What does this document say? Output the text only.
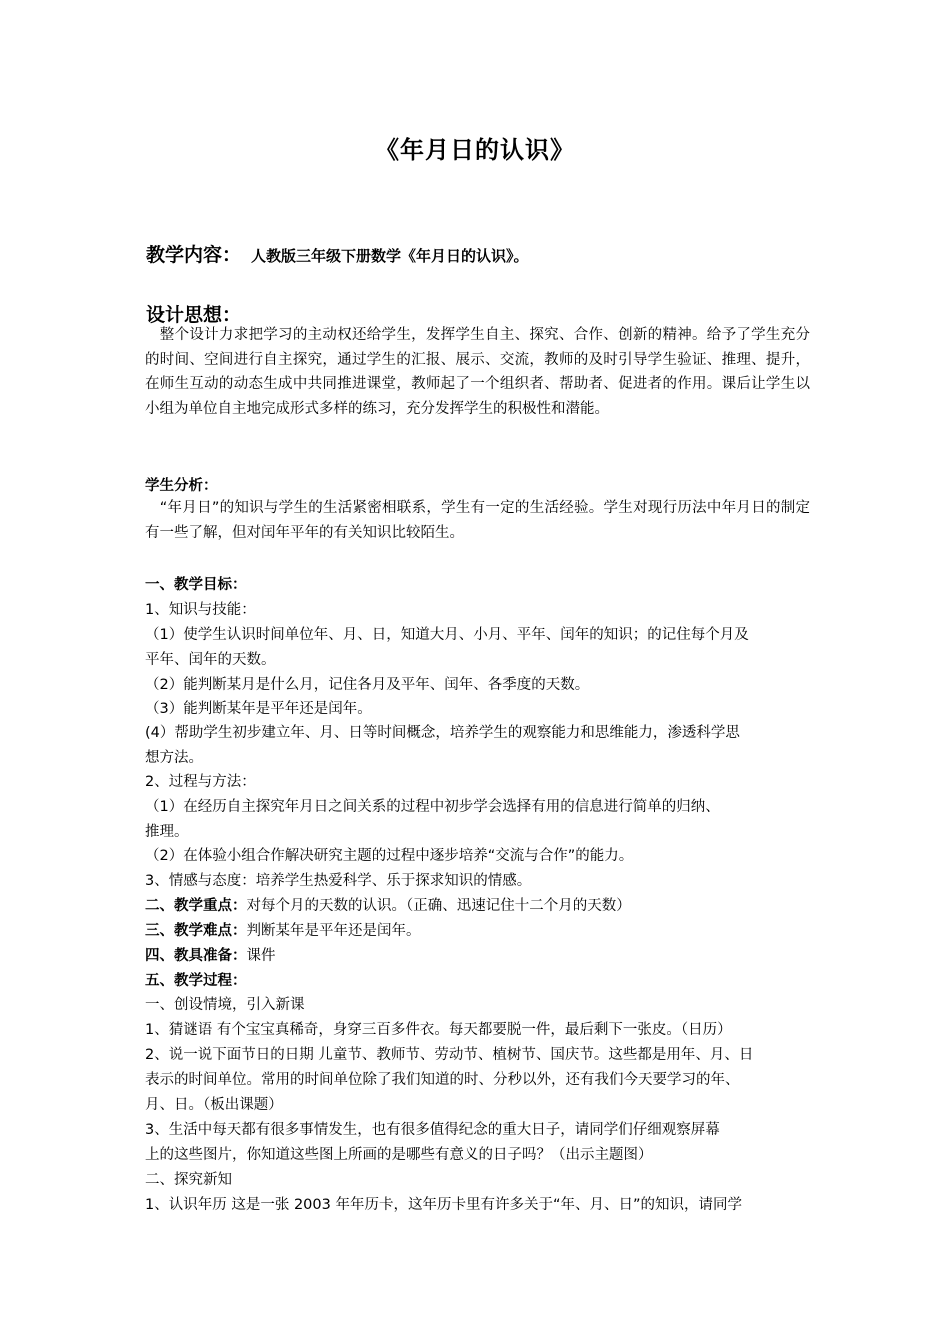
《年月日的认识》
教学内容： 人教版三年级下册数学《年月日的认识》。
设计思想：
　整个设计力求把学习的主动权还给学生，发挥学生自主、探究、合作、创新的精神。给予了学生充分的时间、空间进行自主探究，通过学生的汇报、展示、交流，教师的及时引导学生验证、推理、提升，在师生互动的动态生成中共同推进课堂，教师起了一个组织者、帮助者、促进者的作用。课后让学生以小组为单位自主地完成形式多样的练习，充分发挥学生的积极性和潜能。
学生分析：
　“年月日”的知识与学生的生活紧密相联系，学生有一定的生活经验。学生对现行历法中年月日的制定有一些了解，但对闰年平年的有关知识比较陌生。
一、教学目标：
1、知识与技能：
（1）使学生认识时间单位年、月、日，知道大月、小月、平年、闰年的知识；的记住每个月及
平年、闰年的天数。
（2）能判断某月是什么月，记住各月及平年、闰年、各季度的天数。
（3）能判断某年是平年还是闰年。
(4）帮助学生初步建立年、月、日等时间概念，培养学生的观察能力和思维能力，渗透科学思
想方法。
2、过程与方法：
（1）在经历自主探究年月日之间关系的过程中初步学会选择有用的信息进行简单的归纳、
推理。
（2）在体验小组合作解决研究主题的过程中逐步培养“交流与合作”的能力。
3、情感与态度：培养学生热爱科学、乐于探求知识的情感。
二、教学重点：对每个月的天数的认识。（正确、迅速记住十二个月的天数）
三、教学难点：判断某年是平年还是闰年。
四、教具准备：课件
五、教学过程：
一、创设情境，引入新课
1、猜谜语 有个宝宝真稀奇，身穿三百多件衣。每天都要脱一件，最后剩下一张皮。（日历）
2、说一说下面节日的日期 儿童节、教师节、劳动节、植树节、国庆节。这些都是用年、月、日
表示的时间单位。常用的时间单位除了我们知道的时、分秒以外，还有我们今天要学习的年、
月、日。（板出课题）
3、生活中每天都有很多事情发生，也有很多值得纪念的重大日子，请同学们仔细观察屏幕
上的这些图片，你知道这些图上所画的是哪些有意义的日子吗？（出示主题图）
二、探究新知
1、认识年历 这是一张 2003 年年历卡，这年历卡里有许多关于“年、月、日”的知识，请同学
